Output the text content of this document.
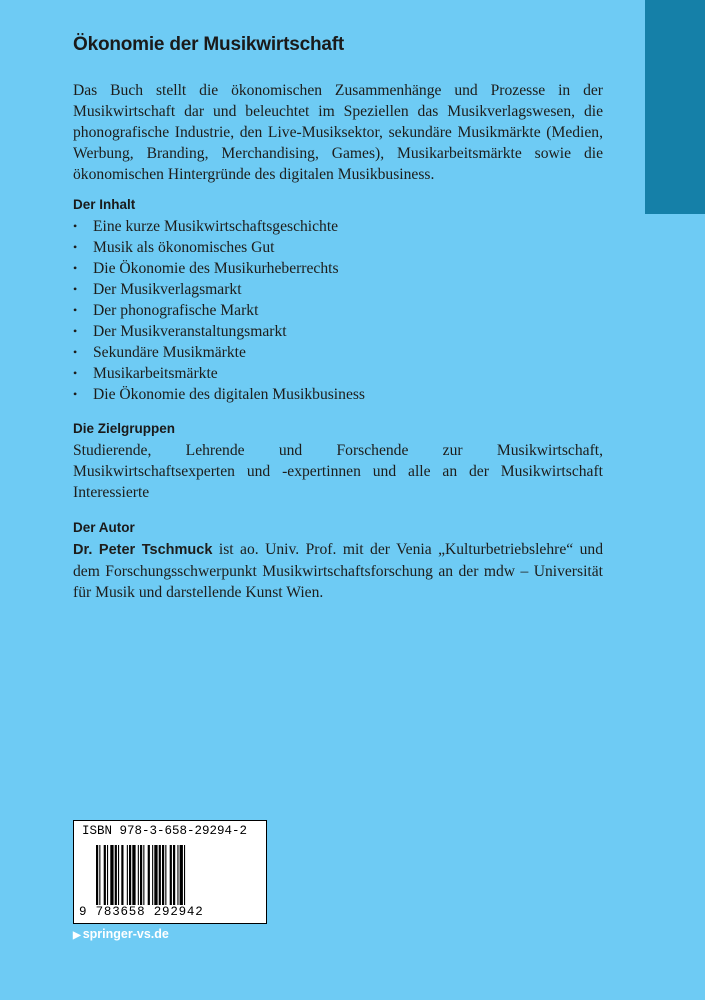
Ökonomie der Musikwirtschaft

Das Buch stellt die ökonomischen Zusammenhänge und Prozesse in der Musikwirtschaft dar und beleuchtet im Speziellen das Musikverlagswesen, die phonografische Industrie, den Live-Musiksektor, sekundäre Musikmärkte (Medien, Werbung, Branding, Merchandising, Games), Musikarbeitsmärkte sowie die ökonomischen Hintergründe des digitalen Musikbusiness.

Der Inhalt
• Eine kurze Musikwirtschaftsgeschichte
• Musik als ökonomisches Gut
• Die Ökonomie des Musikurheberrechts
• Der Musikverlagsmarkt
• Der phonografische Markt
• Der Musikveranstaltungsmarkt
• Sekundäre Musikmärkte
• Musikarbeitsmärkte
• Die Ökonomie des digitalen Musikbusiness
Die Zielgruppen

Studierende, Lehrende und Forschende zur Musikwirtschaft, Musikwirtschaftsexperten und -expertinnen und alle an der Musikwirtschaft Interessierte

Der Autor

Dr. Peter Tschmuck ist ao. Univ. Prof. mit der Venia „Kulturbetriebslehre“ und dem Forschungsschwerpunkt Musikwirtschaftsforschung an der mdw – Universität für Musik und darstellende Kunst Wien.

ISBN 978-3-658-29294-2
9 783658 292942
▶ springer-vs.de
